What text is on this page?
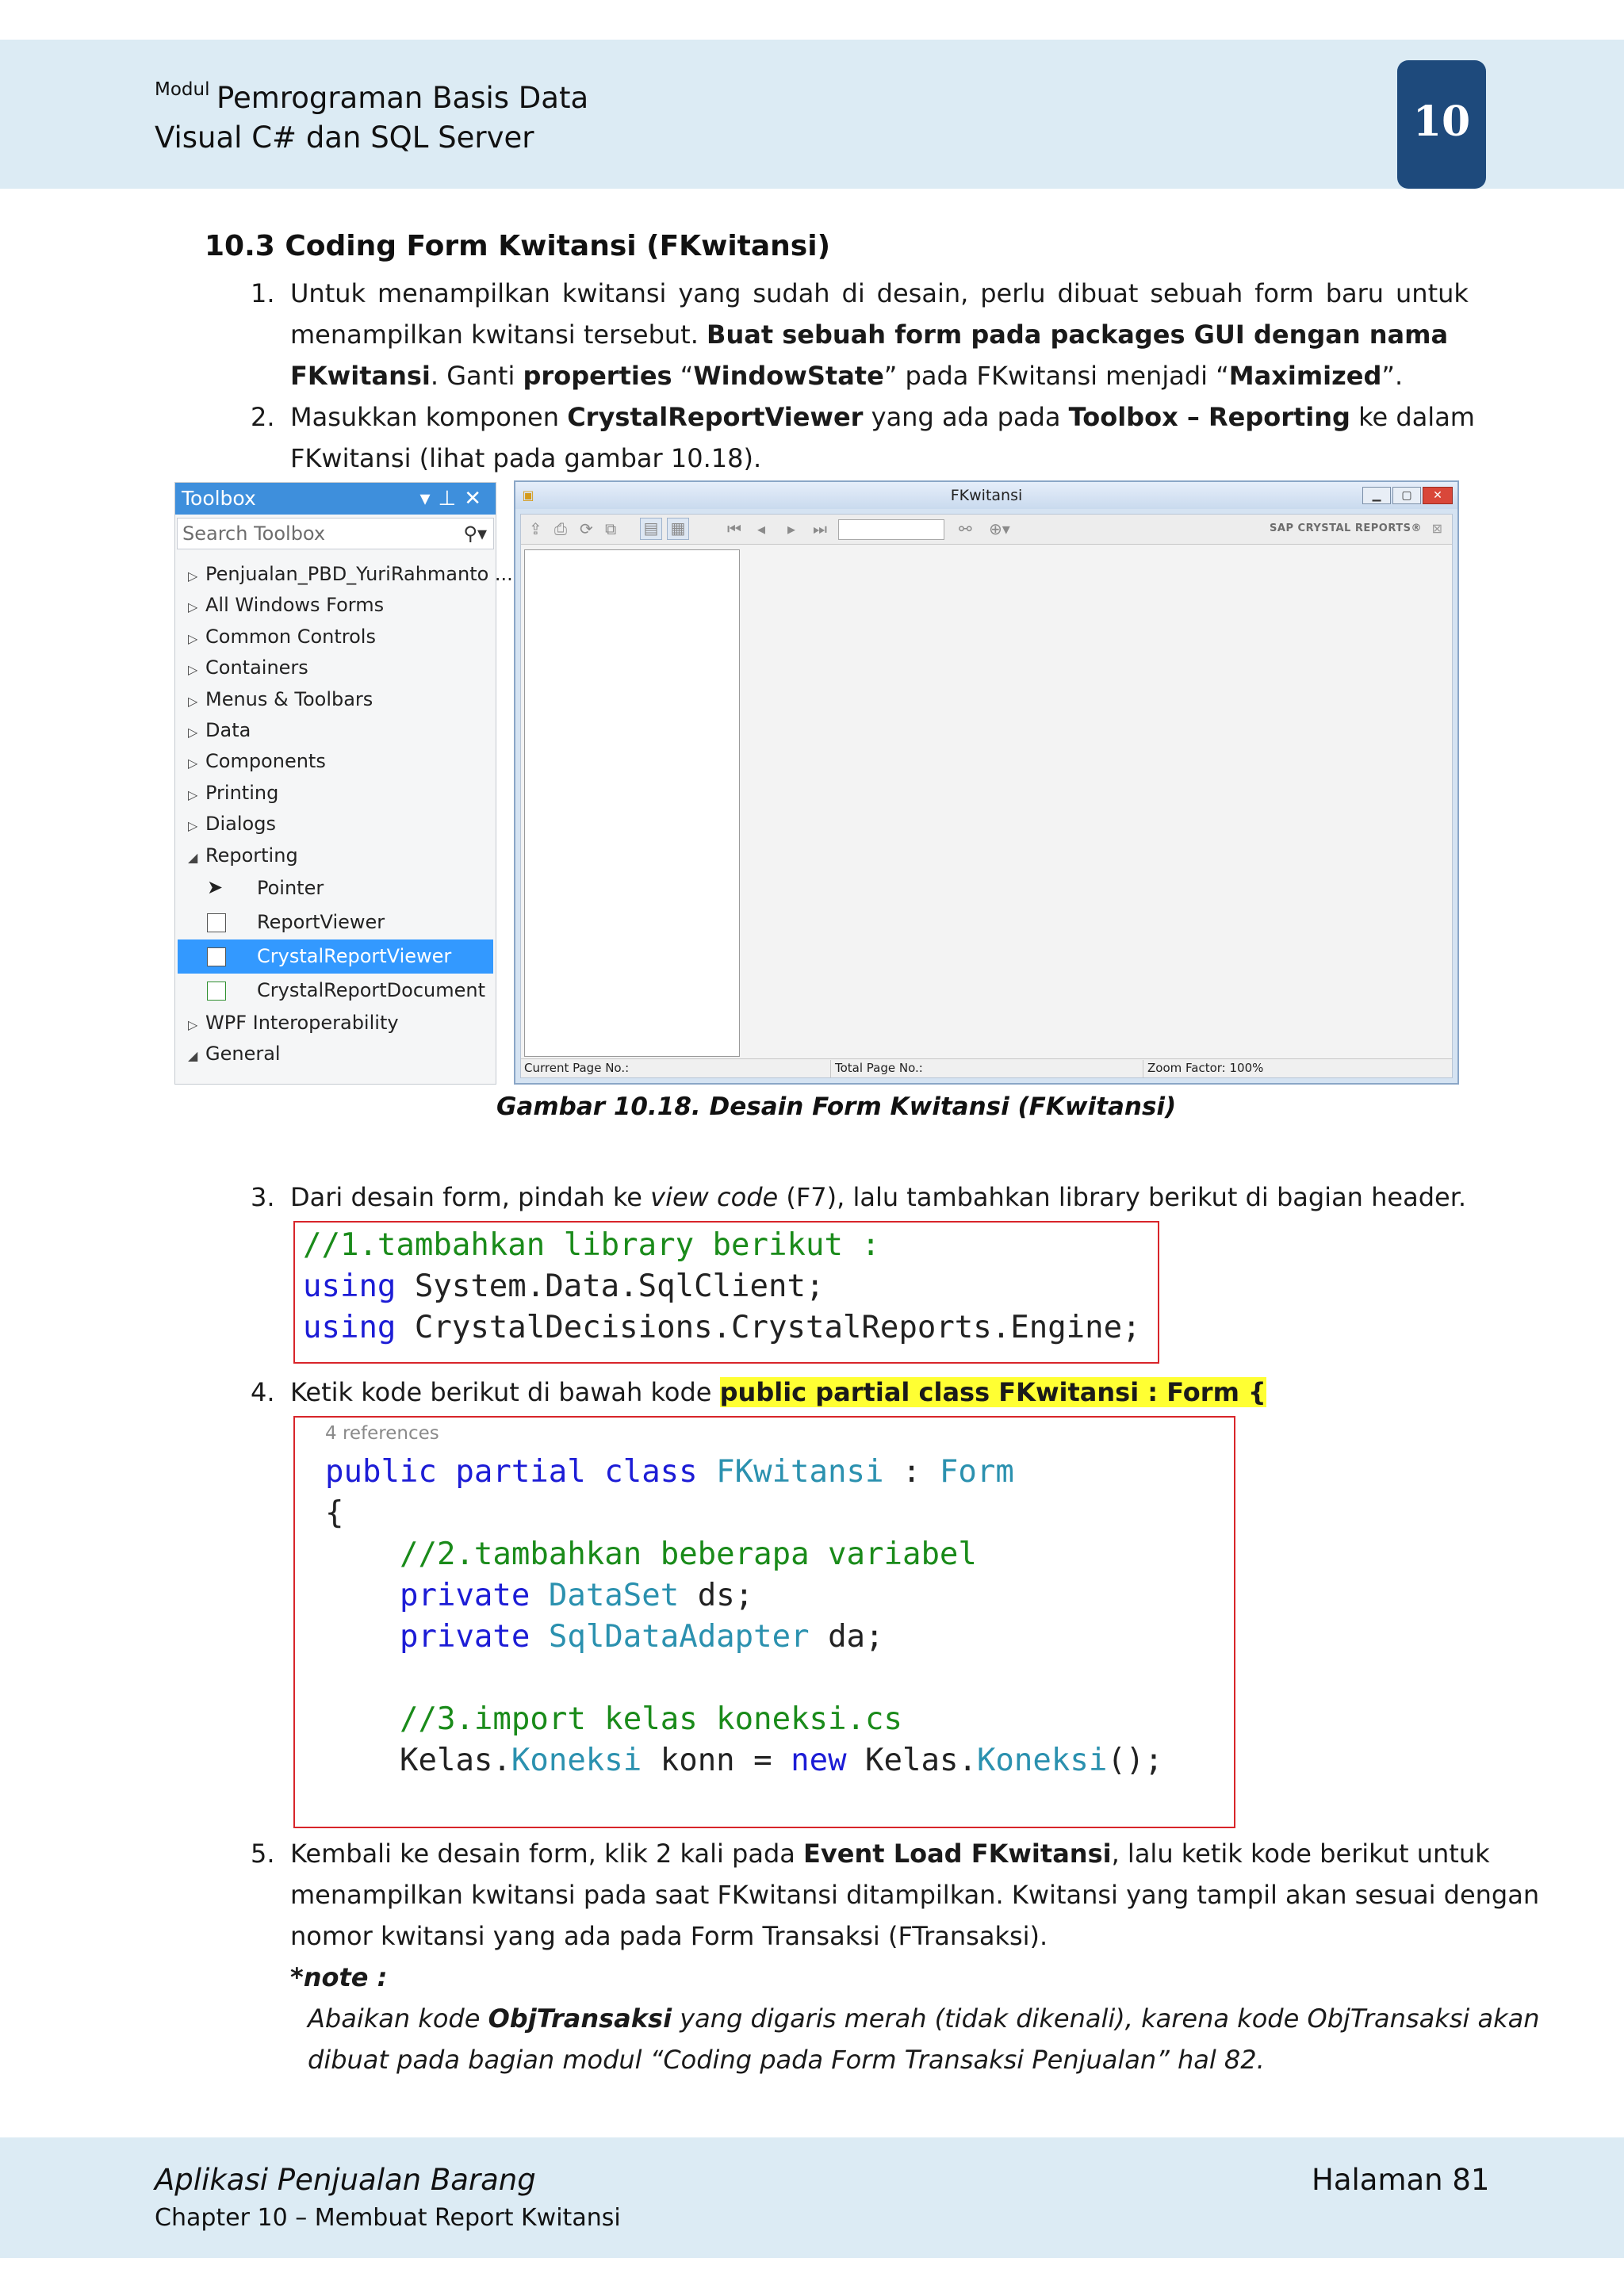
Modul Pemrograman Basis Data
Visual C# dan SQL Server	10
10.3 Coding Form Kwitansi (FKwitansi)
1. Untuk menampilkan kwitansi yang sudah di desain, perlu dibuat sebuah form baru untuk
menampilkan kwitansi tersebut. Buat sebuah form pada packages GUI dengan nama
FKwitansi. Ganti properties “WindowState” pada FKwitansi menjadi “Maximized”.
2. Masukkan komponen CrystalReportViewer yang ada pada Toolbox – Reporting ke dalam
FKwitansi (lihat pada gambar 10.18).
Toolbox	▾⊥✕
Search Toolbox	⚲▾
▷ Penjualan_PBD_YuriRahmanto ...
▷ All Windows Forms
▷ Common Controls
▷ Containers
▷ Menus & Toolbars
▷ Data
▷ Components
▷ Printing
▷ Dialogs
◢ Reporting
➤ Pointer
ReportViewer
CrystalReportViewer
CrystalReportDocument
▷ WPF Interoperability
◢ General
▣	FKwitansi	▁	▢	✕
⇪ ⎙ ⟳ ⧉ ▤ ▦	⏮ ◂ ▸ ⏭	⚯ ⊕▾	SAP CRYSTAL REPORTS® ⊠
Current Page No.:	Total Page No.:	Zoom Factor: 100%
Gambar 10.18. Desain Form Kwitansi (FKwitansi)
3. Dari desain form, pindah ke view code (F7), lalu tambahkan library berikut di bagian header.
//1.tambahkan library berikut :
using System.Data.SqlClient;
using CrystalDecisions.CrystalReports.Engine;
4. Ketik kode berikut di bawah kode public partial class FKwitansi : Form {
4 references
public partial class FKwitansi : Form
{
//2.tambahkan beberapa variabel
private DataSet ds;
private SqlDataAdapter da;
//3.import kelas koneksi.cs
Kelas.Koneksi konn = new Kelas.Koneksi();
5. Kembali ke desain form, klik 2 kali pada Event Load FKwitansi , lalu ketik kode berikut untuk
menampilkan kwitansi pada saat FKwitansi ditampilkan. Kwitansi yang tampil akan sesuai dengan
nomor kwitansi yang ada pada Form Transaksi (FTransaksi).
*note :
Abaikan kode ObjTransaksi yang digaris merah (tidak dikenali), karena kode ObjTransaksi akan
dibuat pada bagian modul “Coding pada Form Transaksi Penjualan” hal 82.
Aplikasi Penjualan Barang
Chapter 10 – Membuat Report Kwitansi
Halaman 81
